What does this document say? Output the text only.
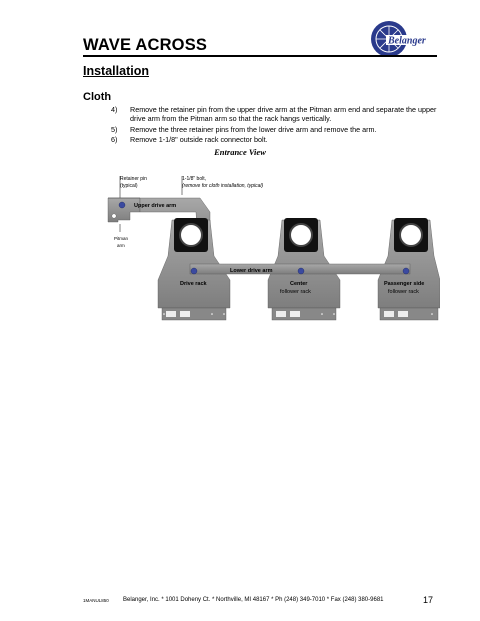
Belanger
WAVE ACROSS
Installation
Cloth
4)	Remove the retainer pin from the upper drive arm at the Pitman arm end and separate the upper drive arm from the Pitman arm so that the rack hangs vertically.
5)	Remove the three retainer pins from the lower drive arm and remove the arm.
6)	Remove 1-1/8" outside rack connector bolt.
Entrance View
Retainer pin
(typical)
1-1/8" bolt,
(remove for cloth installation, typical)
Upper drive arm
Pitman
arm
Lower drive arm
Drive rack	Center
follower rack
Passenger side
follower rack
1MANUL850 Belanger, Inc. * 1001 Doheny Ct. * Northville, MI 48167 * Ph (248) 349-7010 * Fax (248) 380-9681	17
